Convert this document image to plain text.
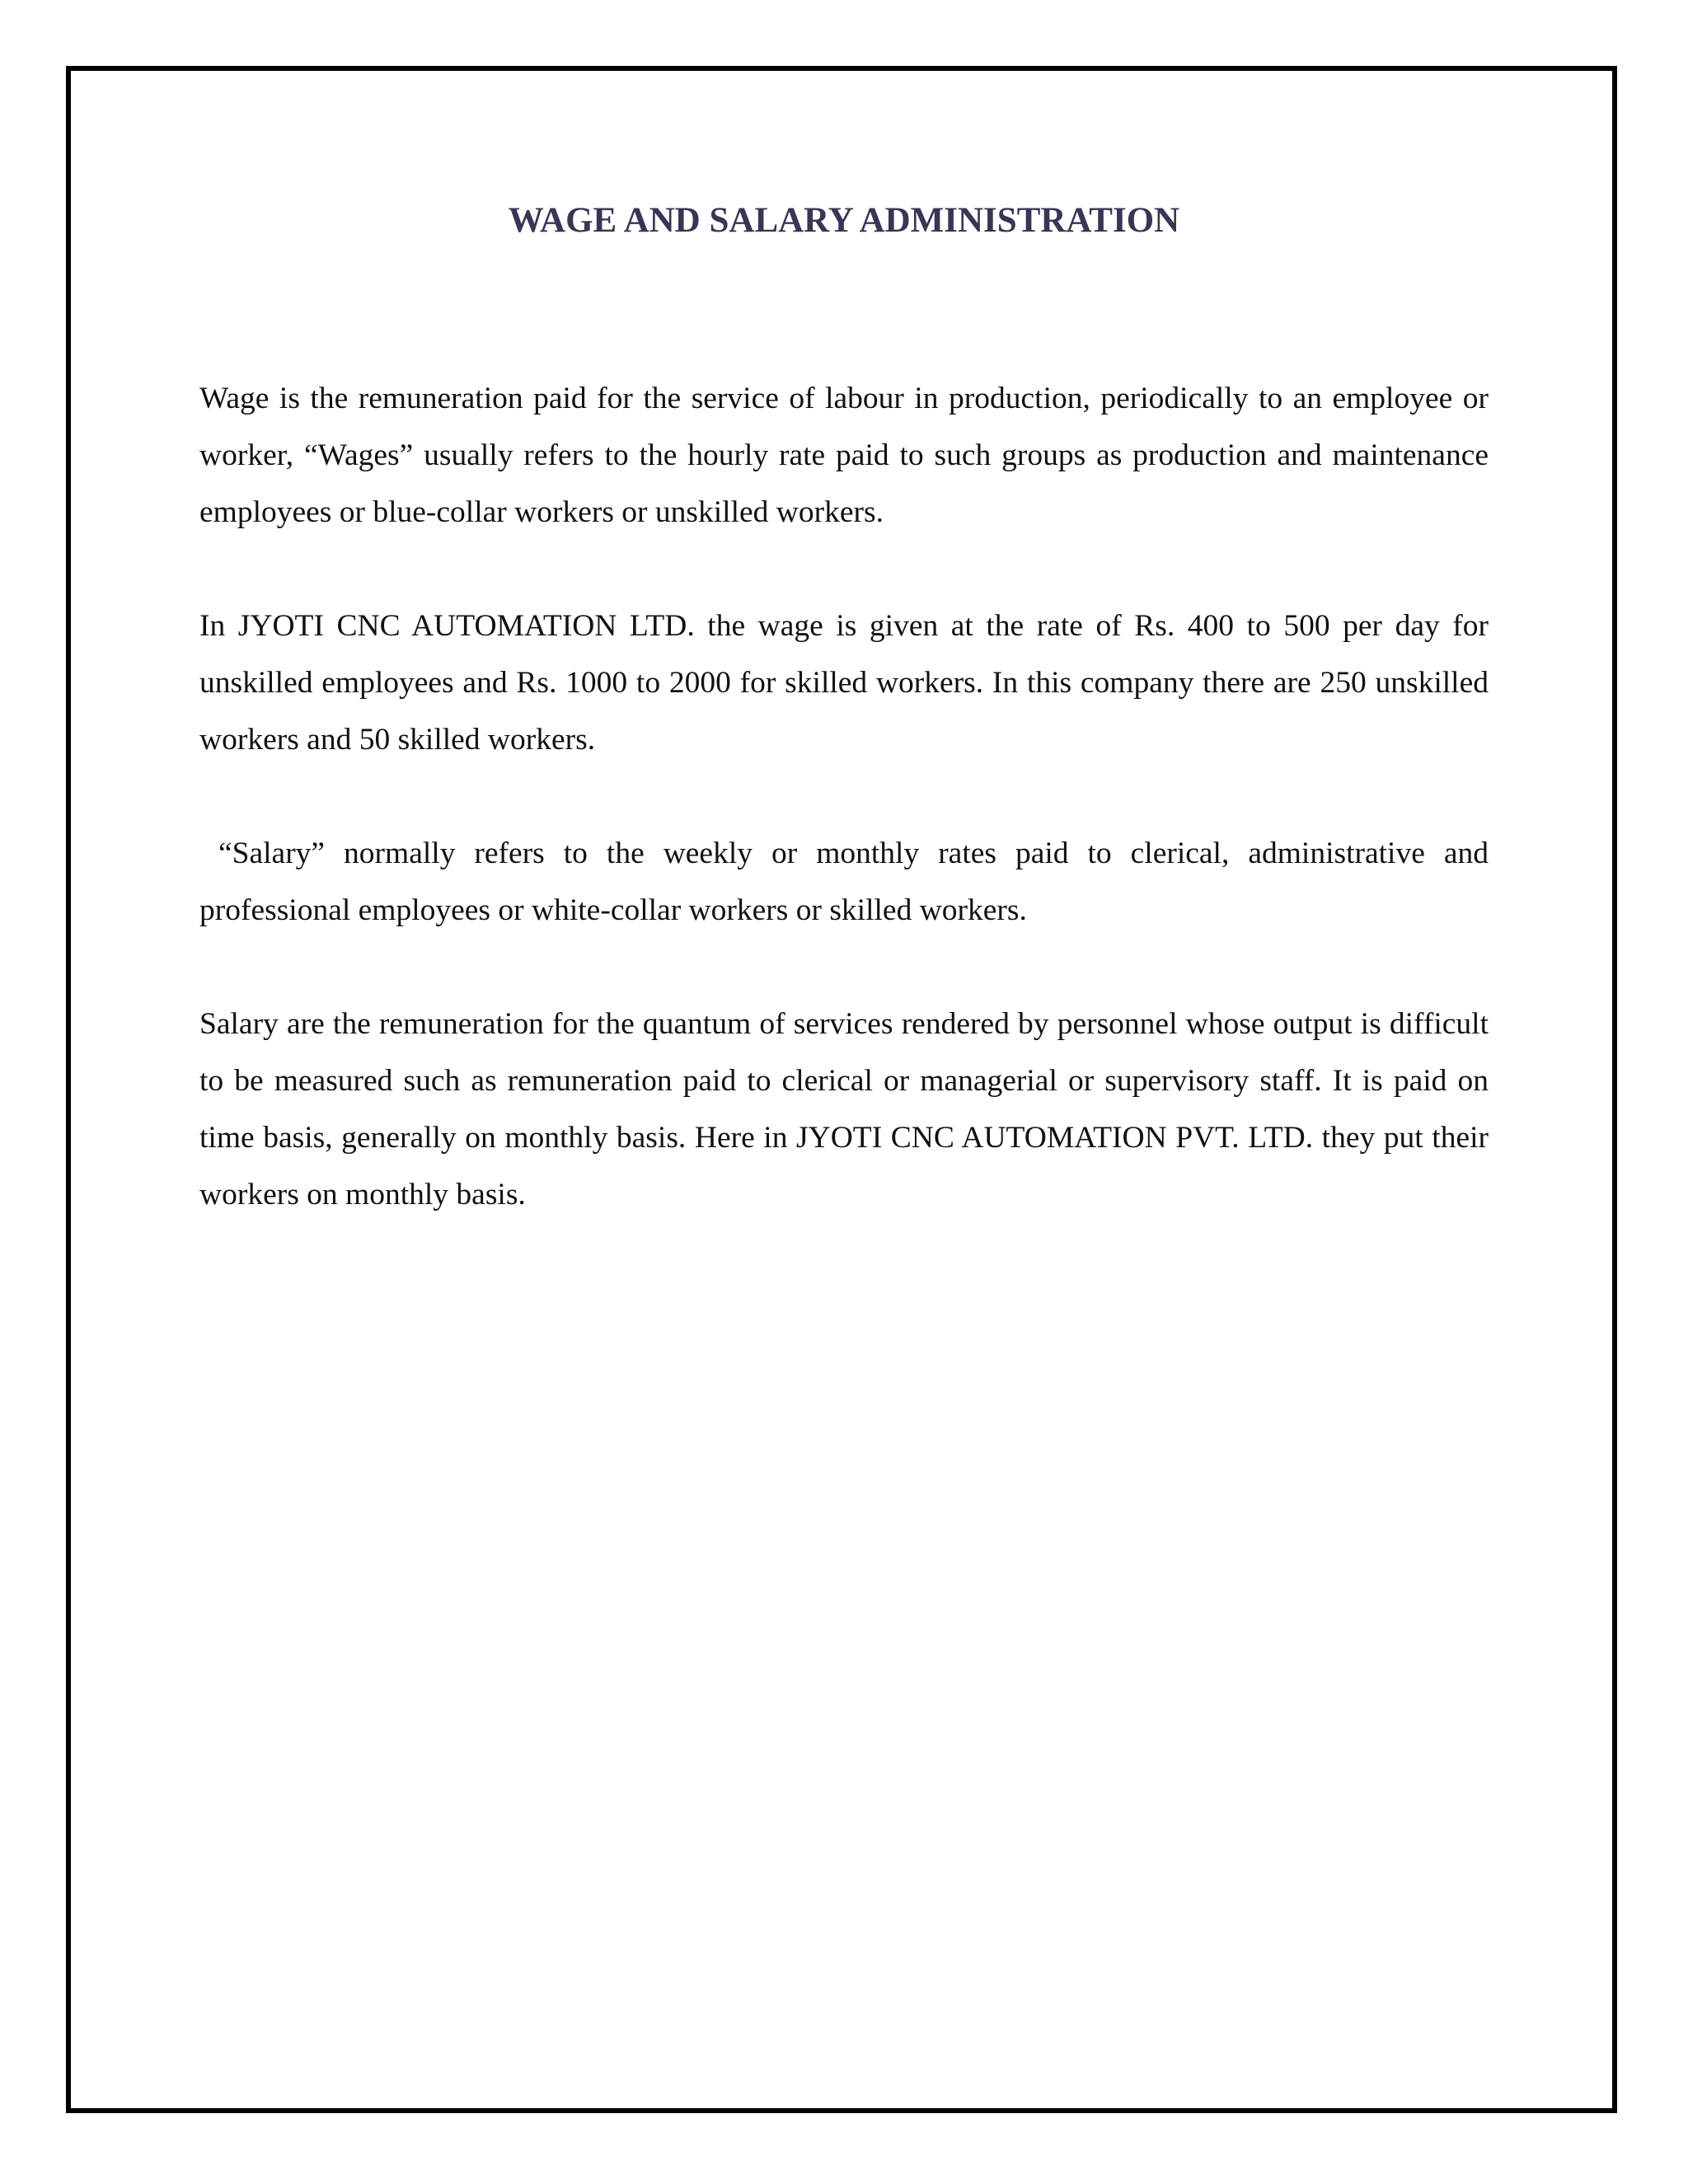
WAGE AND SALARY ADMINISTRATION

Wage is the remuneration paid for the service of labour in production, periodically to an employee or worker, “Wages” usually refers to the hourly rate paid to such groups as production and maintenance employees or blue-collar workers or unskilled workers.

In JYOTI CNC AUTOMATION LTD. the wage is given at the rate of Rs. 400 to 500 per day for unskilled employees and Rs. 1000 to 2000 for skilled workers. In this company there are 250 unskilled workers and 50 skilled workers.

“Salary” normally refers to the weekly or monthly rates paid to clerical, administrative and professional employees or white-collar workers or skilled workers.

Salary are the remuneration for the quantum of services rendered by personnel whose output is difficult to be measured such as remuneration paid to clerical or managerial or supervisory staff. It is paid on time basis, generally on monthly basis. Here in JYOTI CNC AUTOMATION PVT. LTD. they put their workers on monthly basis.
